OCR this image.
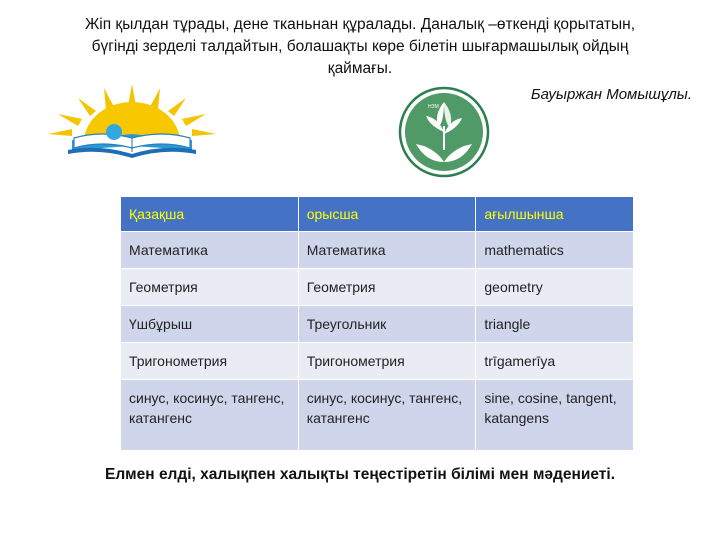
Жіп қылдан тұрады, дене тканьнан құралады. Даналық –өткенді қорытатын,
бүгінді зерделі талдайтын, болашақты көре білетін шығармашылық ойдың
қаймағы.
Бауыржан Момышұлы.
НЗМ
Қазақша	орысша	ағылшынша
Математика	Математика	mathematics
Геометрия	Геометрия	geometry
Үшбұрыш	Треугольник	triangle
Тригонометрия	Тригонометрия	trīgamerīya
синус, косинус, тангенс, катангенс	синус, косинус, тангенс, катангенс	sine, cosine, tangent, katangens
Елмен елді, халықпен халықты теңестіретін білімі мен мәдениеті.
